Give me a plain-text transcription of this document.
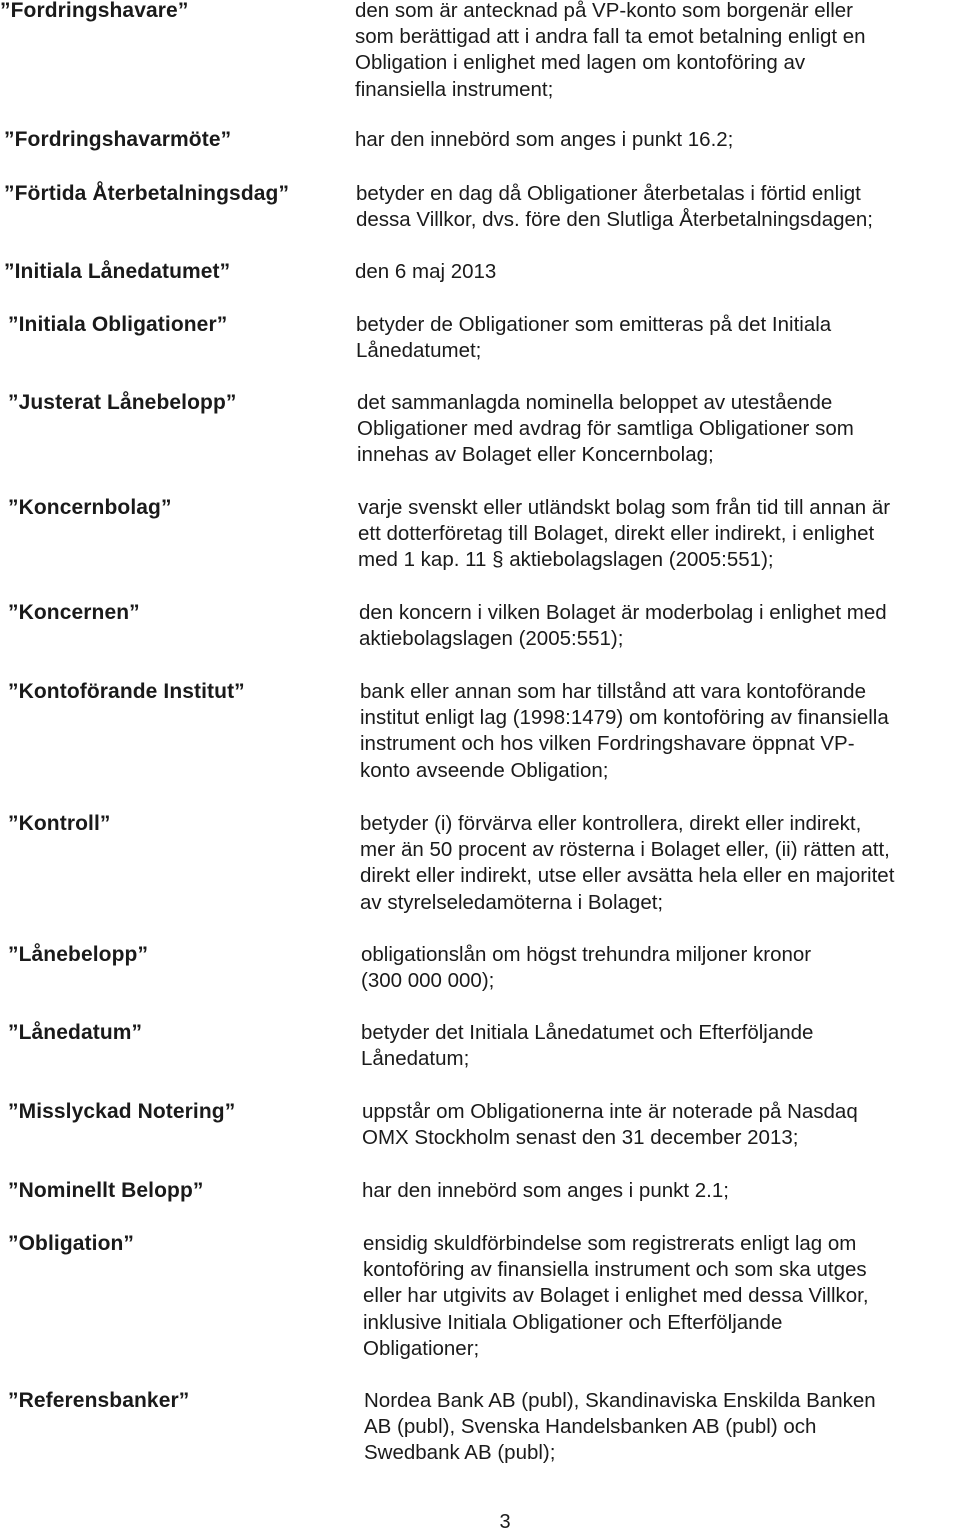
”Fordringshavare”	den som är antecknad på VP-konto som borgenär eller
som berättigad att i andra fall ta emot betalning enligt en
Obligation i enlighet med lagen om kontoföring av
finansiella instrument;
”Fordringshavarmöte”	har den innebörd som anges i punkt 16.2;
”Förtida Återbetalningsdag”	betyder en dag då Obligationer återbetalas i förtid enligt
dessa Villkor, dvs. före den Slutliga Återbetalningsdagen;
”Initiala Lånedatumet”	den 6 maj 2013
”Initiala Obligationer”	betyder de Obligationer som emitteras på det Initiala
Lånedatumet;
”Justerat Lånebelopp”	det sammanlagda nominella beloppet av utestående
Obligationer med avdrag för samtliga Obligationer som
innehas av Bolaget eller Koncernbolag;
”Koncernbolag”	varje svenskt eller utländskt bolag som från tid till annan är
ett dotterföretag till Bolaget, direkt eller indirekt, i enlighet
med 1 kap. 11 § aktiebolagslagen (2005:551);
”Koncernen”	den koncern i vilken Bolaget är moderbolag i enlighet med
aktiebolagslagen (2005:551);
”Kontoförande Institut”	bank eller annan som har tillstånd att vara kontoförande
institut enligt lag (1998:1479) om kontoföring av finansiella
instrument och hos vilken Fordringshavare öppnat VP-
konto avseende Obligation;
”Kontroll”	betyder (i) förvärva eller kontrollera, direkt eller indirekt,
mer än 50 procent av rösterna i Bolaget eller, (ii) rätten att,
direkt eller indirekt, utse eller avsätta hela eller en majoritet
av styrelseledamöterna i Bolaget;
”Lånebelopp”	obligationslån om högst trehundra miljoner kronor
(300 000 000);
”Lånedatum”	betyder det Initiala Lånedatumet och Efterföljande
Lånedatum;
”Misslyckad Notering”	uppstår om Obligationerna inte är noterade på Nasdaq
OMX Stockholm senast den 31 december 2013;
”Nominellt Belopp”	har den innebörd som anges i punkt 2.1;
”Obligation”	ensidig skuldförbindelse som registrerats enligt lag om
kontoföring av finansiella instrument och som ska utges
eller har utgivits av Bolaget i enlighet med dessa Villkor,
inklusive Initiala Obligationer och Efterföljande
Obligationer;
”Referensbanker”	Nordea Bank AB (publ), Skandinaviska Enskilda Banken
AB (publ), Svenska Handelsbanken AB (publ) och
Swedbank AB (publ);
3
